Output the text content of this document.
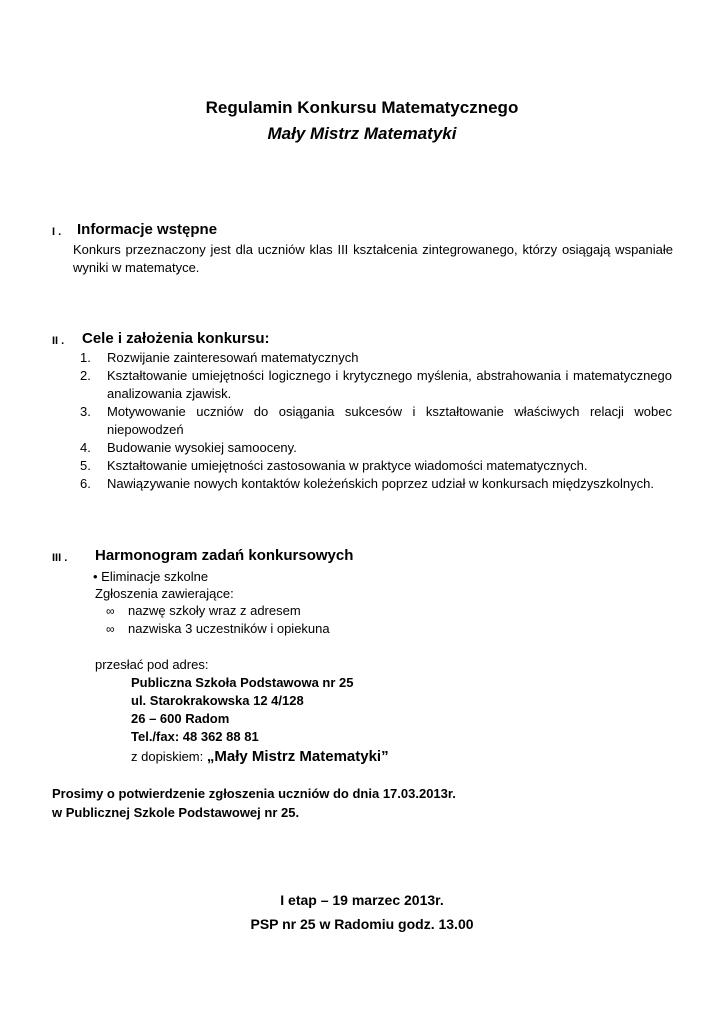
Regulamin Konkursu Matematycznego
Mały Mistrz Matematyki
I . Informacje wstępne
Konkurs przeznaczony jest dla uczniów klas III kształcenia zintegrowanego, którzy osiągają wspaniałe wyniki w matematyce.
II . Cele i założenia konkursu:
1. Rozwijanie zainteresowań matematycznych
2. Kształtowanie umiejętności logicznego i krytycznego myślenia, abstrahowania i matematycznego analizowania zjawisk.
3. Motywowanie uczniów do osiągania sukcesów i kształtowanie właściwych relacji wobec niepowodzeń
4. Budowanie wysokiej samooceny.
5. Kształtowanie umiejętności zastosowania w praktyce wiadomości matematycznych.
6. Nawiązywanie nowych kontaktów koleżeńskich poprzez udział w konkursach międzyszkolnych.
III . Harmonogram zadań konkursowych
• Eliminacje szkolne
Zgłoszenia zawierające:
∞ nazwę szkoły wraz z adresem
∞ nazwiska 3 uczestników i opiekuna
przesłać pod adres:
Publiczna Szkoła Podstawowa nr 25
ul. Starokrakowska 12 4/128
26 – 600 Radom
Tel./fax: 48 362 88 81
z dopiskiem: „Mały Mistrz Matematyki”
Prosimy o potwierdzenie zgłoszenia uczniów do dnia 17.03.2013r.
w Publicznej Szkole Podstawowej nr 25.
I etap – 19 marzec 2013r.
PSP nr 25 w Radomiu godz. 13.00
